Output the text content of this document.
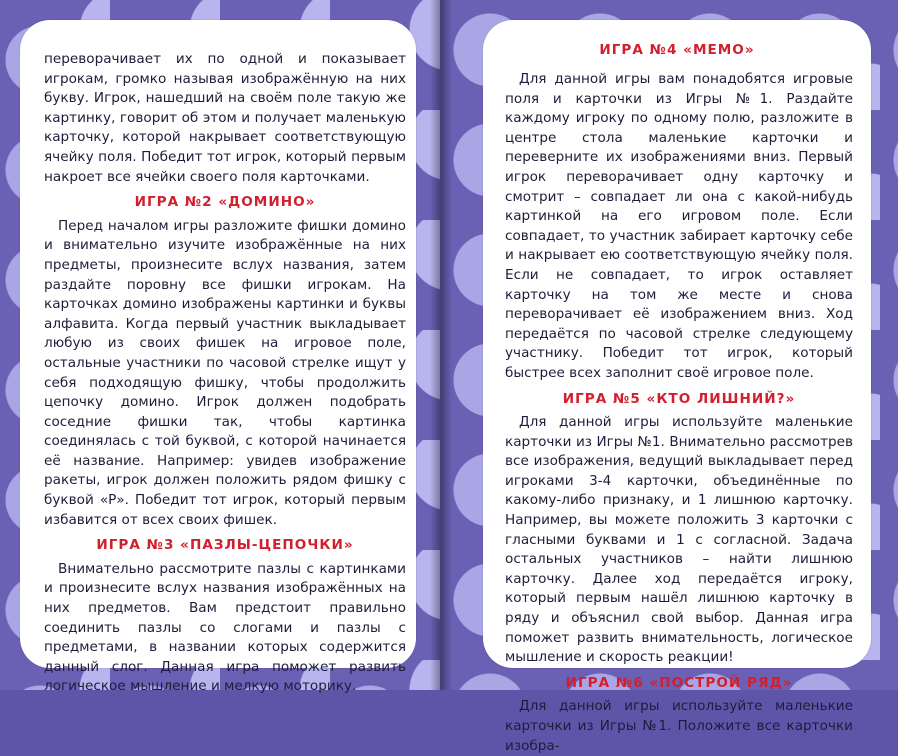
переворачивает их по одной и показывает игрокам, громко называя изображённую на них букву. Игрок, нашедший на своём поле такую же картинку, говорит об этом и получает маленькую карточку, которой накрывает соответствующую ячейку поля. Победит тот игрок, который первым накроет все ячейки своего поля карточками.

ИГРА №2 «ДОМИНО»

Перед началом игры разложите фишки домино и внимательно изучите изображённые на них предметы, произнесите вслух названия, затем раздайте поровну все фишки игрокам. На карточках домино изображены картинки и буквы алфавита. Когда первый участник выкладывает любую из своих фишек на игровое поле, остальные участники по часовой стрелке ищут у себя подходящую фишку, чтобы продолжить цепочку домино. Игрок должен подобрать соседние фишки так, чтобы картинка соединялась с той буквой, с которой начинается её название. Например: увидев изображение ракеты, игрок должен положить рядом фишку с буквой «Р». Победит тот игрок, который первым избавится от всех своих фишек.

ИГРА №3 «ПАЗЛЫ-ЦЕПОЧКИ»

Внимательно рассмотрите пазлы с картинками и произнесите вслух названия изображённых на них предметов. Вам предстоит правильно соединить пазлы со слогами и пазлы с предметами, в названии которых содержится данный слог. Данная игра поможет развить логическое мышление и мелкую моторику.

ИГРА №4 «МЕМО»

Для данной игры вам понадобятся игровые поля и карточки из Игры №1. Раздайте каждому игроку по одному полю, разложите в центре стола маленькие карточки и переверните их изображениями вниз. Первый игрок переворачивает одну карточку и смотрит – совпадает ли она с какой-нибудь картинкой на его игровом поле. Если совпадает, то участник забирает карточку себе и накрывает ею соответствующую ячейку поля. Если не совпадает, то игрок оставляет карточку на том же месте и снова переворачивает её изображением вниз. Ход передаётся по часовой стрелке следующему участнику. Победит тот игрок, который быстрее всех заполнит своё игровое поле.

ИГРА №5 «КТО ЛИШНИЙ?»

Для данной игры используйте маленькие карточки из Игры №1. Внимательно рассмотрев все изображения, ведущий выкладывает перед игроками 3-4 карточки, объединённые по какому-либо признаку, и 1 лишнюю карточку. Например, вы можете положить 3 карточки с гласными буквами и 1 с согласной. Задача остальных участников – найти лишнюю карточку. Далее ход передаётся игроку, который первым нашёл лишнюю карточку в ряду и объяснил свой выбор. Данная игра поможет развить внимательность, логическое мышление и скорость реакции!

ИГРА №6 «ПОСТРОЙ РЯД»

Для данной игры используйте маленькие карточки из Игры №1. Положите все карточки изобра-
